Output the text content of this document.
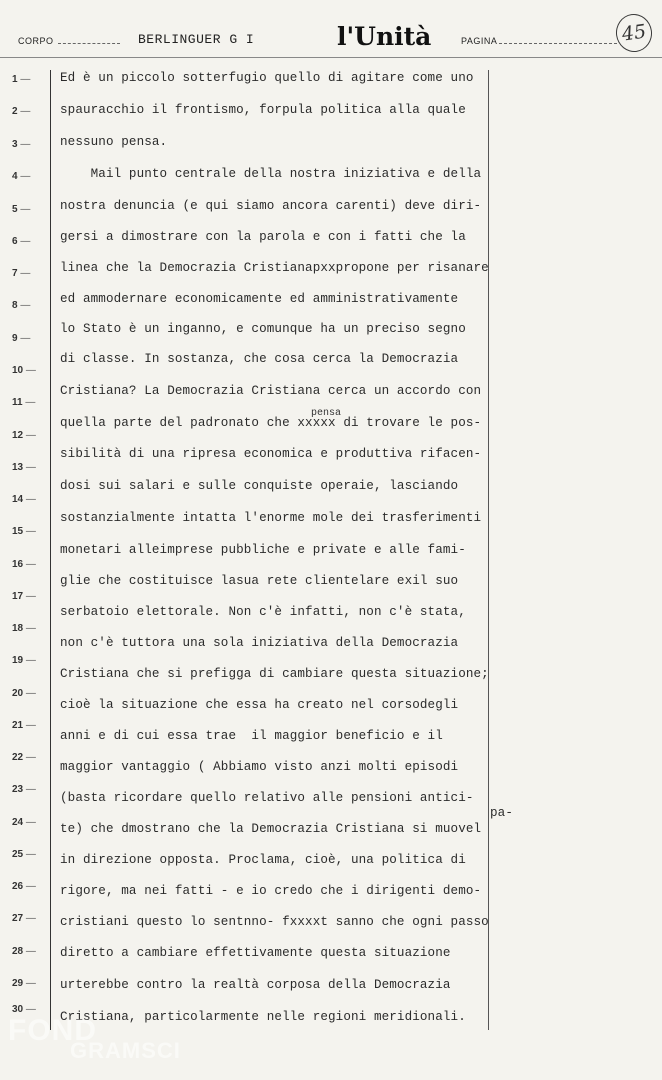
CORPO	BERLINGUER G I	l'Unità	PAGINA	45
1 —
2 —
3 —
4 —
5 —
6 —
7 —
8 —
9 —
10 —
11 —
12 —
13 —
14 —
15 —
16 —
17 —
18 —
19 —
20 —
21 —
22 —
23 —
24 —
25 —
26 —
27 —
28 —
29 —
30 —
Ed è un piccolo sotterfugio quello di agitare come uno
spauracchio il frontismo, forpula politica alla quale
nessuno pensa.
Mail punto centrale della nostra iniziativa e della
nostra denuncia (e qui siamo ancora carenti) deve diri-
gersi a dimostrare con la parola e con i fatti che la
linea che la Democrazia Cristianapxxpropone per risanare
ed ammodernare economicamente ed amministrativamente
lo Stato è un inganno, e comunque ha un preciso segno
di classe. In sostanza, che cosa cerca la Democrazia
Cristiana? La Democrazia Cristiana cerca un accordo con
pensa
quella parte del padronato che xxxxx di trovare le pos-
sibilità di una ripresa economica e produttiva rifacen-
dosi sui salari e sulle conquiste operaie, lasciando
sostanzialmente intatta l'enorme mole dei trasferimenti
monetari alleimprese pubbliche e private e alle fami-
glie che costituisce lasua rete clientelare exil suo
serbatoio elettorale. Non c'è infatti, non c'è stata,
non c'è tuttora una sola iniziativa della Democrazia
Cristiana che si prefigga di cambiare questa situazione;
cioè la situazione che essa ha creato nel corsodegli
anni e di cui essa trae  il maggior beneficio e il
maggior vantaggio ( Abbiamo visto anzi molti episodi
(basta ricordare quello relativo alle pensioni antici-
pa-
te) che dmostrano che la Democrazia Cristiana si muovel
in direzione opposta. Proclama, cioè, una politica di
rigore, ma nei fatti - e io credo che i dirigenti demo-
cristiani questo lo sentnno- fxxxxt sanno che ogni passo
diretto a cambiare effettivamente questa situazione
urterebbe contro la realtà corposa della Democrazia
Cristiana, particolarmente nelle regioni meridionali.
FOND
GRAMSCI
